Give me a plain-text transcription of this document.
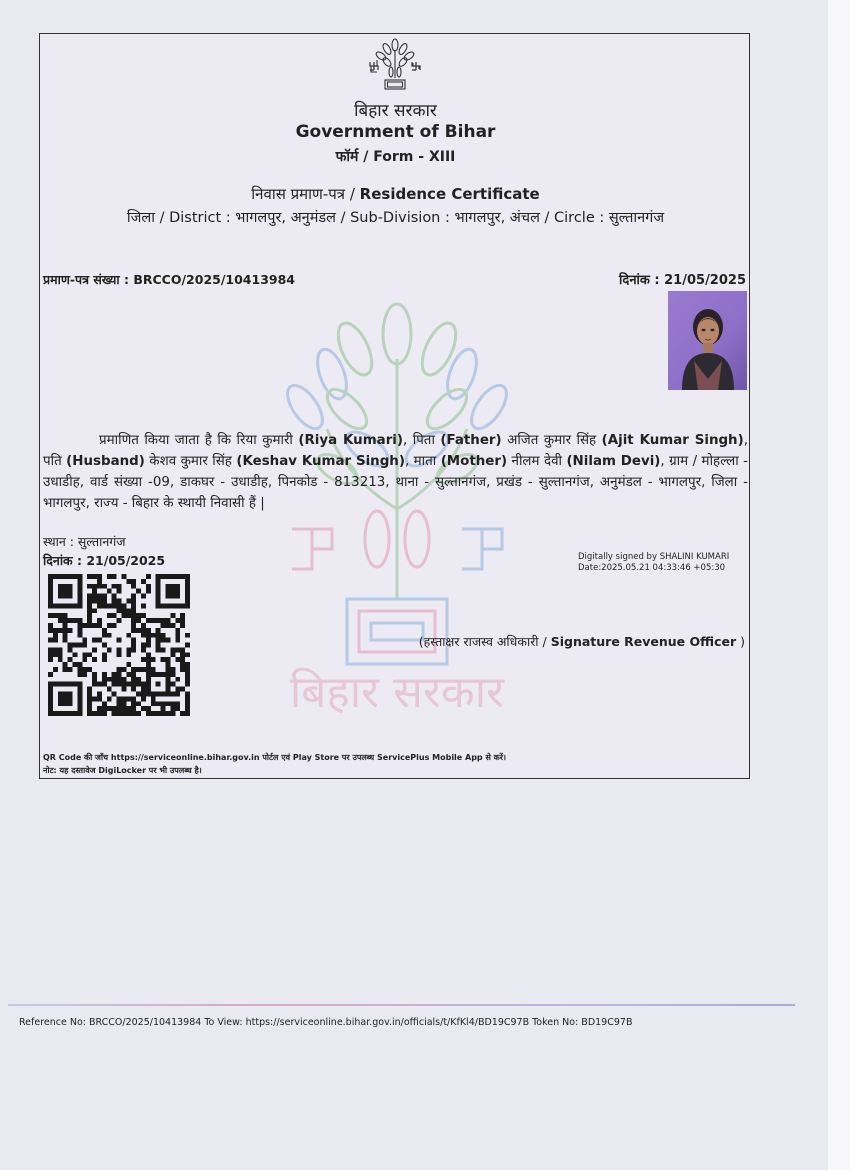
बिहार सरकार
Government of Bihar
फॉर्म / Form - XIII
निवास प्रमाण-पत्र / Residence Certificate
जिला / District : भागलपुर, अनुमंडल / Sub-Division : भागलपुर, अंचल / Circle : सुल्तानगंज
प्रमाण-पत्र संख्या : BRCCO/2025/10413984	दिनांक : 21/05/2025
बिहार सरकार
प्रमाणित किया जाता है कि रिया कुमारी (Riya Kumari), पिता (Father) अजित कुमार सिंह (Ajit Kumar Singh), पति (Husband) केशव कुमार सिंह (Keshav Kumar Singh), माता (Mother) नीलम देवी (Nilam Devi), ग्राम / मोहल्ला - उधाडीह, वार्ड संख्या -09, डाकघर - उधाडीह, पिनकोड - 813213, थाना - सुल्तानगंज, प्रखंड - सुल्तानगंज, अनुमंडल - भागलपुर, जिला - भागलपुर, राज्य - बिहार के स्थायी निवासी हैं |
स्थान : सुल्तानगंज
दिनांक : 21/05/2025	Digitally signed by SHALINI KUMARI
Date:2025.05.21 04:33:46 +05:30
(हस्ताक्षर राजस्व अधिकारी / Signature Revenue Officer )
QR Code की जाँच https://serviceonline.bihar.gov.in पोर्टल एवं Play Store पर उपलब्ध ServicePlus Mobile App से करें।
नोट: यह दस्तावेज DigiLocker पर भी उपलब्ध है।
Reference No: BRCCO/2025/10413984 To View: https://serviceonline.bihar.gov.in/officials/t/KfKl4/BD19C97B Token No: BD19C97B
